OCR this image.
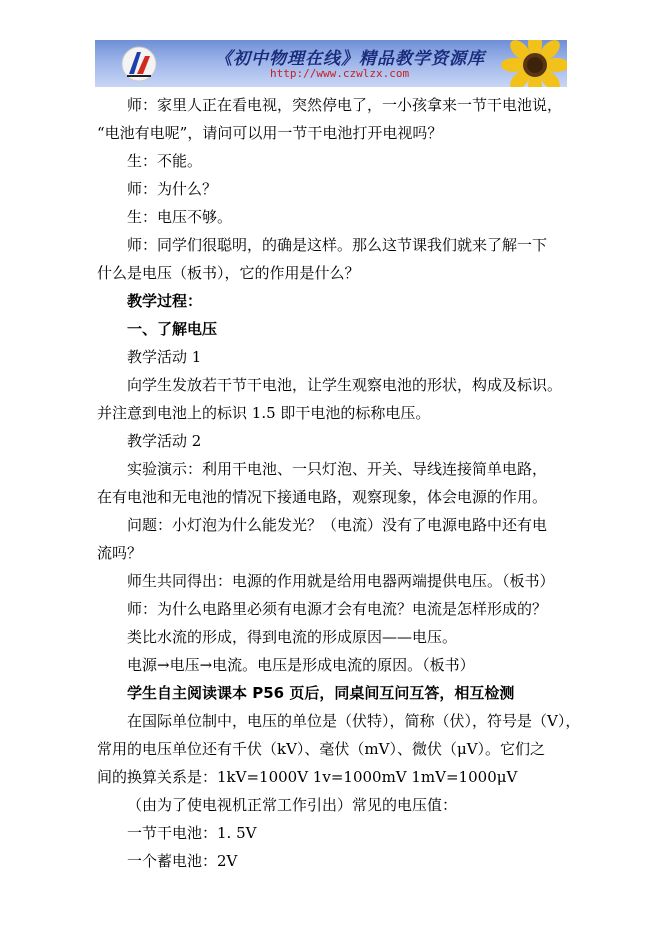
《初中物理在线》精品教学资源库
http://www.czwlzx.com
师：家里人正在看电视，突然停电了，一小孩拿来一节干电池说，
“电池有电呢”，请问可以用一节干电池打开电视吗？
生：不能。
师：为什么？
生：电压不够。
师：同学们很聪明，的确是这样。那么这节课我们就来了解一下
什么是电压（板书），它的作用是什么？
教学过程：
一、了解电压
教学活动 1
向学生发放若干节干电池，让学生观察电池的形状，构成及标识。
并注意到电池上的标识 1.5 即干电池的标称电压。
教学活动 2
实验演示：利用干电池、一只灯泡、开关、导线连接简单电路，
在有电池和无电池的情况下接通电路，观察现象，体会电源的作用。
问题：小灯泡为什么能发光？（电流）没有了电源电路中还有电
流吗？
师生共同得出：电源的作用就是给用电器两端提供电压。（板书）
师：为什么电路里必须有电源才会有电流？电流是怎样形成的？
类比水流的形成，得到电流的形成原因——电压。
电源→电压→电流。电压是形成电流的原因。（板书）
学生自主阅读课本 P56 页后，同桌间互问互答，相互检测
在国际单位制中，电压的单位是（伏特），简称（伏），符号是（V），
常用的电压单位还有千伏（kV）、毫伏（mV）、微伏（μV）。它们之
间的换算关系是：1kV=1000V 1v=1000mV 1mV=1000μV
（由为了使电视机正常工作引出）常见的电压值：
一节干电池：1. 5V
一个蓄电池：2V
